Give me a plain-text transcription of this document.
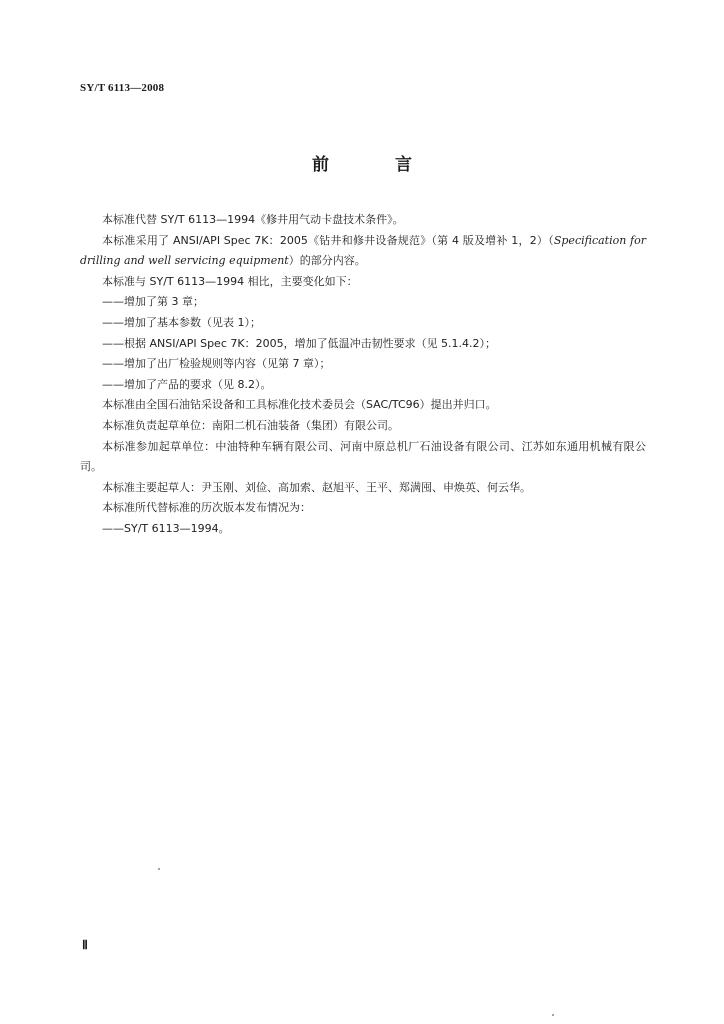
SY/T 6113—2008
前 言

本标准代替 SY/T 6113—1994《修井用气动卡盘技术条件》。

本标准采用了 ANSI/API Spec 7K：2005《钻井和修井设备规范》（第 4 版及增补 1，2）（Specification for drilling and well servicing equipment）的部分内容。

本标准与 SY/T 6113—1994 相比，主要变化如下：

——增加了第 3 章；

——增加了基本参数（见表 1）；

——根据 ANSI/API Spec 7K：2005，增加了低温冲击韧性要求（见 5.1.4.2）；

——增加了出厂检验规则等内容（见第 7 章）；

——增加了产品的要求（见 8.2）。

本标准由全国石油钻采设备和工具标准化技术委员会（SAC/TC96）提出并归口。

本标准负责起草单位：南阳二机石油装备（集团）有限公司。

本标准参加起草单位：中油特种车辆有限公司、河南中原总机厂石油设备有限公司、江苏如东通用机械有限公司。

本标准主要起草人：尹玉刚、刘俭、高加索、赵旭平、王平、郑满囤、申焕英、何云华。

本标准所代替标准的历次版本发布情况为：

——SY/T 6113—1994。

Ⅱ
